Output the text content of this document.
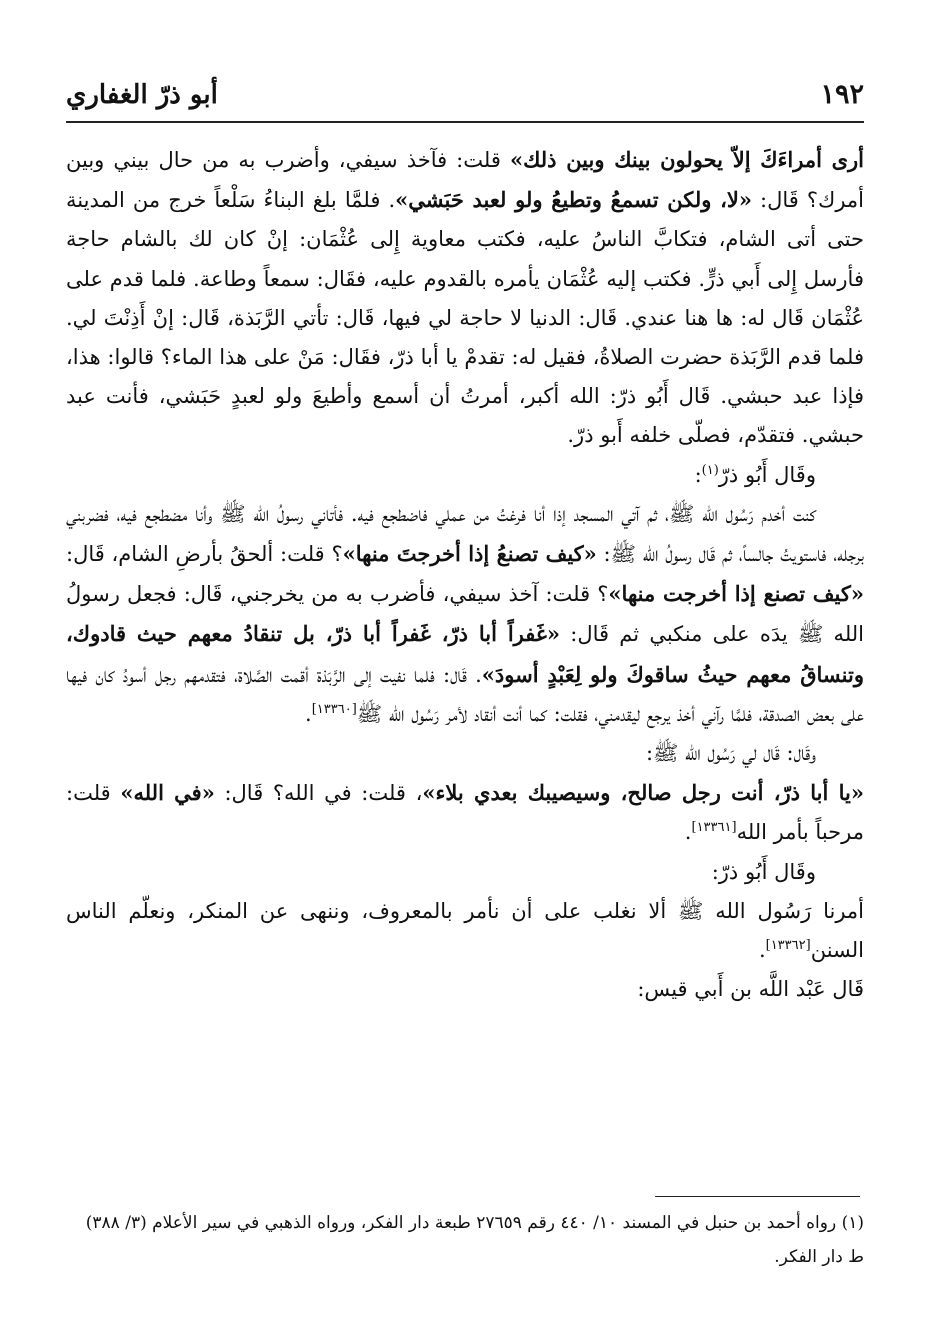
أبو ذرّ الغفاري	١٩٢

أرى أمراءَكَ إلاّ يحولون بينك وبين ذلك» قلت: فآخذ سيفي، وأضرب به من حال بيني وبين أمرك؟ قَال: «لا، ولكن تسمعُ وتطيعُ ولو لعبد حَبَشي». فلمَّا بلغ البناءُ سَلْعاً خرج من المدينة حتى أتى الشام، فتكابَّ الناسُ عليه، فكتب معاوية إِلى عُثْمَان: إنْ كان لك بالشام حاجة فأرسل إِلى أَبي ذرٍّ. فكتب إليه عُثْمَان يأمره بالقدوم عليه، فقَال: سمعاً وطاعة. فلما قدم على عُثْمَان قَال له: ها هنا عندي. قَال: الدنيا لا حاجة لي فيها، قَال: تأتي الرَّبَذة، قَال: إنْ أَذِنْتَ لي. فلما قدم الرَّبَذة حضرت الصلاةُ، فقيل له: تقدمْ يا أبا ذرّ، فقَال: مَنْ على هذا الماء؟ قالوا: هذا، فإذا عبد حبشي. قَال أَبُو ذرّ: الله أكبر، أمرتُ أن أسمع وأطيعَ ولو لعبدٍ حَبَشي، فأنت عبد حبشي. فتقدّم، فصلّى خلفه أَبو ذرّ.

وقَال أَبُو ذرّ$^{(١)}$:

كنت أخدم رَسُول الله ﷺ، ثم آتي المسجد إذا أنا فرغتُ من عملي فاضطجع فيه. فأتاني رسولُ الله ﷺ وأنا مضطجع فيه، فضربني برجله، فاستويتُ جالساً، ثم قَال رسولُ الله ﷺ: «كيف تصنعُ إذا أخرجتَ منها»؟ قلت: ألحقُ بأرضِ الشام، قَال: «كيف تصنع إذا أخرجت منها»؟ قلت: آخذ سيفي، فأضرب به من يخرجني، قَال: فجعل رسولُ الله ﷺ يدَه على منكبي ثم قَال: «غَفراً أبا ذرّ، غَفراً أبا ذرّ، بل تنقادُ معهم حيث قادوك، وتنساقُ معهم حيثُ ساقوكَ ولو لِعَبْدٍ أسودَ». قَال: فلما نفيت إلى الرَّبَذة أقمت الصَّلاة، فتقدمهم رجل أسودُ كان فيها على بعض الصدقة، فلمَّا رآني أخذ يرجع ليقدمني، فقلت: كما أنت أنقاد لأمر رَسُول الله ﷺ[١٣٣٦٠].

وقَال: قَال لي رَسُول الله ﷺ:

«يا أبا ذرّ، أنت رجل صالح، وسيصيبك بعدي بلاء»، قلت: في الله؟ قَال: «في الله» قلت: مرحباً بأمر الله[١٣٣٦١].

وقَال أَبُو ذرّ:

أمرنا رَسُول الله ﷺ ألا نغلب على أن نأمر بالمعروف، وننهى عن المنكر، ونعلّم الناس السنن[١٣٣٦٢].

قَال عَبْد اللَّه بن أَبي قيس:

(١) رواه أحمد بن حنبل في المسند ١٠/ ٤٤٠ رقم ٢٧٦٥٩ طبعة دار الفكر، ورواه الذهبي في سير الأعلام (٣/ ٣٨٨) ط دار الفكر.
